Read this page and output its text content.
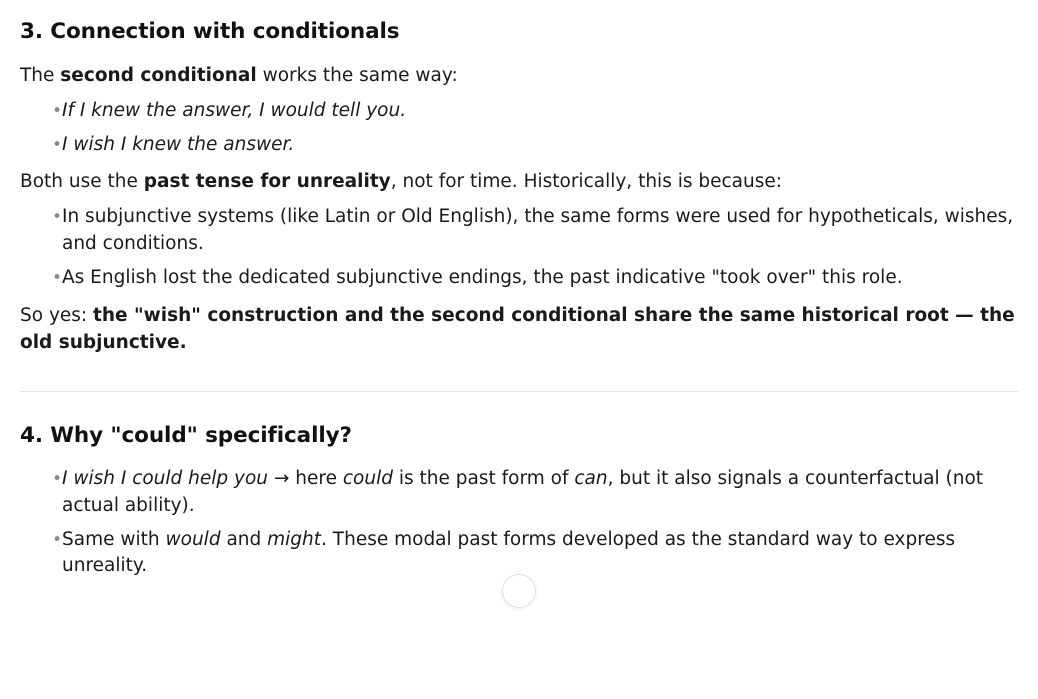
3. Connection with conditionals

The second conditional works the same way:

• If I knew the answer, I would tell you.
• I wish I knew the answer.

Both use the past tense for unreality, not for time. Historically, this is because:

• In subjunctive systems (like Latin or Old English), the same forms were used for hypotheticals, wishes, and conditions.
• As English lost the dedicated subjunctive endings, the past indicative "took over" this role.

So yes: the "wish" construction and the second conditional share the same historical root — the old subjunctive.

4. Why "could" specifically?
• I wish I could help you → here could is the past form of can, but it also signals a counterfactual (not actual ability).
• Same with would and might. These modal past forms developed as the standard way to express unreality.
